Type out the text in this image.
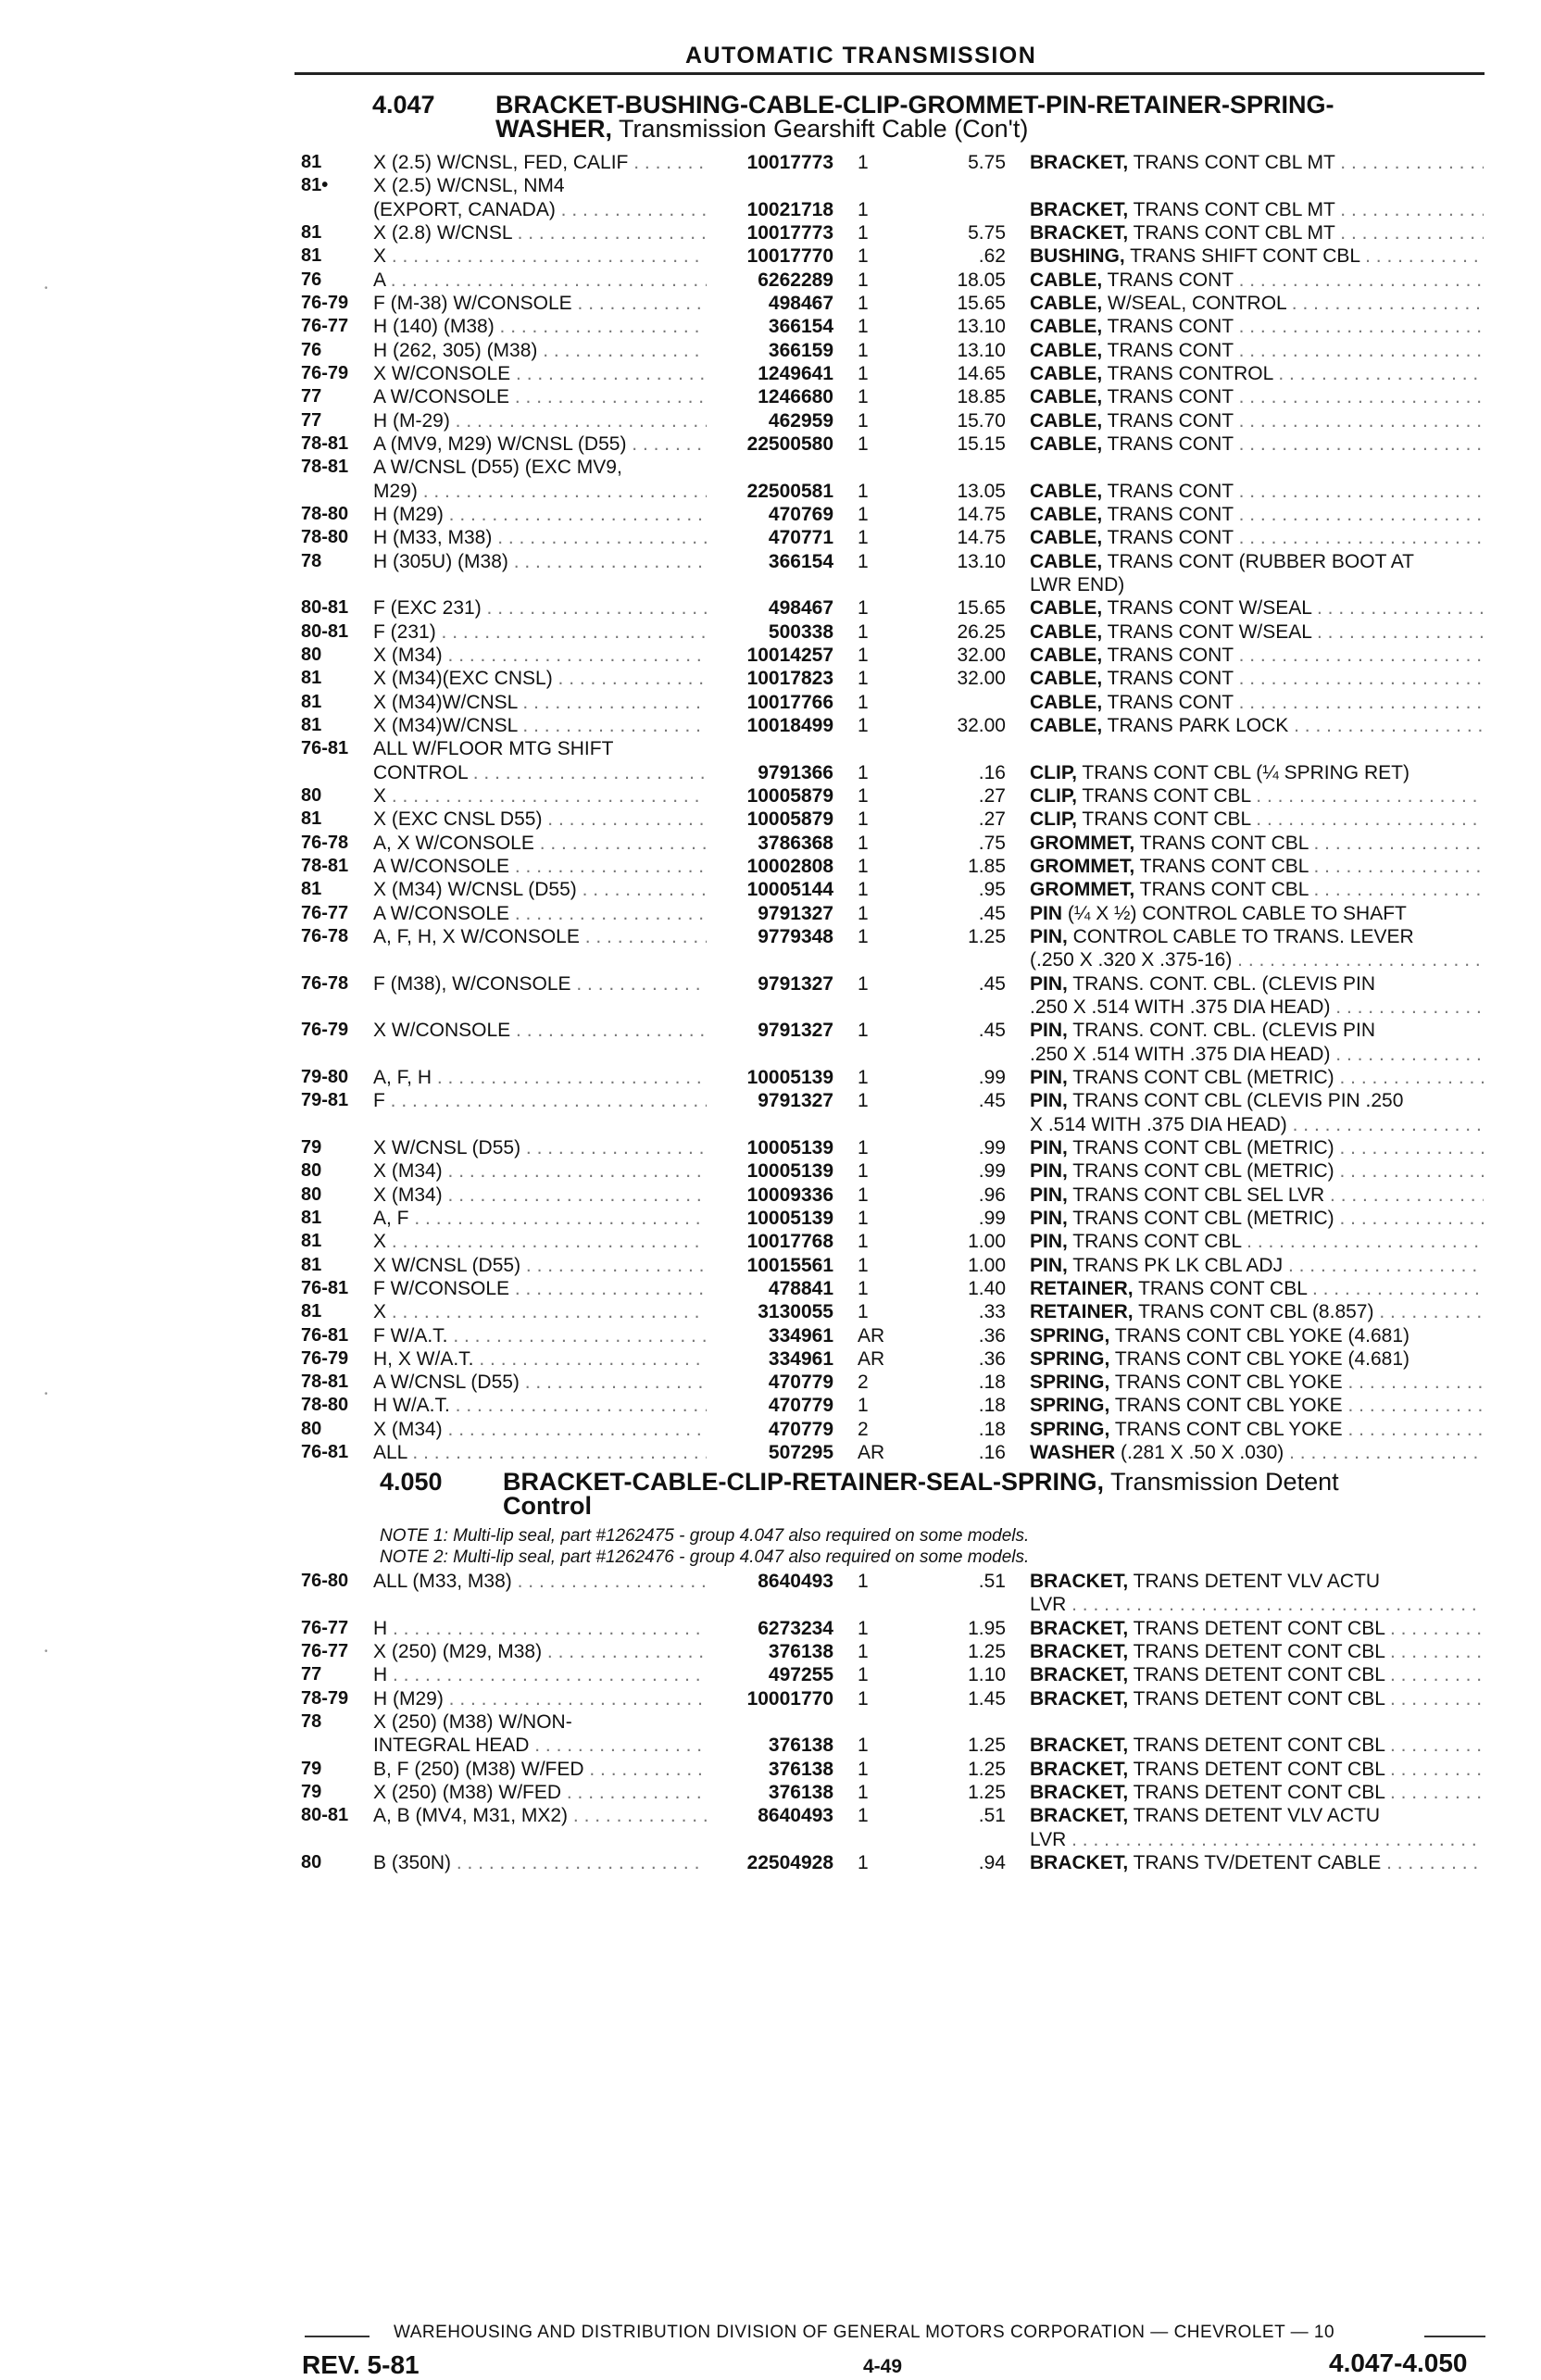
AUTOMATIC TRANSMISSION
4.047 BRACKET-BUSHING-CABLE-CLIP-GROMMET-PIN-RETAINER-SPRING-
WASHER, Transmission Gearshift Cable (Con't)
81	X (2.5) W/CNSL, FED, CALIF . . .	10017773 1	5.75 BRACKET, TRANS CONT CBL MT . . .
81• X (2.5) W/CNSL, NM4
(EXPORT, CANADA) . . .	10021718 1	BRACKET, TRANS CONT CBL MT . . .
81	X (2.8) W/CNSL . . .	10017773 1	5.75 BRACKET, TRANS CONT CBL MT . . .
81	X . . .	10017770 1	.62 BUSHING, TRANS SHIFT CONT CBL . . .
76	A . . .	6262289 1	18.05 CABLE, TRANS CONT . . .
76-79 F (M-38) W/CONSOLE . . .	498467 1	15.65 CABLE, W/SEAL, CONTROL . . .
76-77 H (140) (M38) . . .	366154 1	13.10 CABLE, TRANS CONT . . .
76	H (262, 305) (M38) . . .	366159 1	13.10 CABLE, TRANS CONT . . .
76-79 X W/CONSOLE . . .	1249641 1	14.65 CABLE, TRANS CONTROL . . .
77	A W/CONSOLE . . .	1246680 1	18.85 CABLE, TRANS CONT . . .
77	H (M-29) . . .	462959 1	15.70 CABLE, TRANS CONT . . .
78-81 A (MV9, M29) W/CNSL (D55) . . .	22500580 1	15.15 CABLE, TRANS CONT . . .
78-81 A W/CNSL (D55) (EXC MV9,
M29) . . .	22500581 1	13.05 CABLE, TRANS CONT . . .
78-80 H (M29) . . .	470769 1	14.75 CABLE, TRANS CONT . . .
78-80 H (M33, M38) . . .	470771 1	14.75 CABLE, TRANS CONT . . .
78	H (305U) (M38) . . .	366154 1	13.10 CABLE, TRANS CONT (RUBBER BOOT AT
LWR END)
80-81 F (EXC 231) . . .	498467 1	15.65 CABLE, TRANS CONT W/SEAL . . .
80-81 F (231) . . .	500338 1	26.25 CABLE, TRANS CONT W/SEAL . . .
80	X (M34) . . .	10014257 1	32.00 CABLE, TRANS CONT . . .
81	X (M34)(EXC CNSL) . . .	10017823 1	32.00 CABLE, TRANS CONT . . .
81	X (M34)W/CNSL . . .	10017766 1	CABLE, TRANS CONT . . .
81	X (M34)W/CNSL . . .	10018499 1	32.00 CABLE, TRANS PARK LOCK . . .
76-81 ALL W/FLOOR MTG SHIFT
CONTROL . . .	9791366 1	.16 CLIP, TRANS CONT CBL (¼ SPRING RET)
80	X . . .	10005879 1	.27 CLIP, TRANS CONT CBL . . .
81	X (EXC CNSL D55) . . .	10005879 1	.27 CLIP, TRANS CONT CBL . . .
76-78 A, X W/CONSOLE . . .	3786368 1	.75 GROMMET, TRANS CONT CBL . . .
78-81 A W/CONSOLE . . .	10002808 1	1.85 GROMMET, TRANS CONT CBL . . .
81	X (M34) W/CNSL (D55) . . .	10005144 1	.95 GROMMET, TRANS CONT CBL . . .
76-77 A W/CONSOLE . . .	9791327 1	.45 PIN (¼ X ½) CONTROL CABLE TO SHAFT
76-78 A, F, H, X W/CONSOLE . . .	9779348 1	1.25 PIN, CONTROL CABLE TO TRANS. LEVER
(.250 X .320 X .375-16) . . .
76-78 F (M38), W/CONSOLE . . .	9791327 1	.45 PIN, TRANS. CONT. CBL. (CLEVIS PIN
.250 X .514 WITH .375 DIA HEAD) . . .
76-79 X W/CONSOLE . . .	9791327 1	.45 PIN, TRANS. CONT. CBL. (CLEVIS PIN
.250 X .514 WITH .375 DIA HEAD) . . .
79-80 A, F, H . . .	10005139 1	.99 PIN, TRANS CONT CBL (METRIC) . . .
79-81 F . . .	9791327 1	.45 PIN, TRANS CONT CBL (CLEVIS PIN .250
X .514 WITH .375 DIA HEAD) . . .
79	X W/CNSL (D55) . . .	10005139 1	.99 PIN, TRANS CONT CBL (METRIC) . . .
80	X (M34) . . .	10005139 1	.99 PIN, TRANS CONT CBL (METRIC) . . .
80	X (M34) . . .	10009336 1	.96 PIN, TRANS CONT CBL SEL LVR . . .
81	A, F . . .	10005139 1	.99 PIN, TRANS CONT CBL (METRIC) . . .
81	X . . .	10017768 1	1.00 PIN, TRANS CONT CBL . . .
81	X W/CNSL (D55) . . .	10015561 1	1.00 PIN, TRANS PK LK CBL ADJ . . .
76-81 F W/CONSOLE . . .	478841 1	1.40 RETAINER, TRANS CONT CBL . . .
81	X . . .	3130055 1	.33 RETAINER, TRANS CONT CBL (8.857) . . .
76-81 F W/A.T. . . .	334961 AR	.36 SPRING, TRANS CONT CBL YOKE (4.681)
76-79 H, X W/A.T. . . .	334961 AR	.36 SPRING, TRANS CONT CBL YOKE (4.681)
78-81 A W/CNSL (D55) . . .	470779 2	.18 SPRING, TRANS CONT CBL YOKE . . .
78-80 H W/A.T. . . .	470779 1	.18 SPRING, TRANS CONT CBL YOKE . . .
80	X (M34) . . .	470779 2	.18 SPRING, TRANS CONT CBL YOKE . . .
76-81 ALL . . .	507295 AR	.16 WASHER (.281 X .50 X .030) . . .
4.050 BRACKET-CABLE-CLIP-RETAINER-SEAL-SPRING, Transmission Detent
Control
NOTE 1: Multi-lip seal, part #1262475 - group 4.047 also required on some models.
NOTE 2: Multi-lip seal, part #1262476 - group 4.047 also required on some models.
76-80 ALL (M33, M38) . . .	8640493 1	.51 BRACKET, TRANS DETENT VLV ACTU
LVR . . .
76-77 H . . .	6273234 1	1.95 BRACKET, TRANS DETENT CONT CBL . . .
76-77 X (250) (M29, M38) . . .	376138 1	1.25 BRACKET, TRANS DETENT CONT CBL . . .
77	H . . .	497255 1	1.10 BRACKET, TRANS DETENT CONT CBL . . .
78-79 H (M29) . . .	10001770 1	1.45 BRACKET, TRANS DETENT CONT CBL . . .
78	X (250) (M38) W/NON-
INTEGRAL HEAD . . .	376138 1	1.25 BRACKET, TRANS DETENT CONT CBL . . .
79	B, F (250) (M38) W/FED . . .	376138 1	1.25 BRACKET, TRANS DETENT CONT CBL . . .
79	X (250) (M38) W/FED . . .	376138 1	1.25 BRACKET, TRANS DETENT CONT CBL . . .
80-81 A, B (MV4, M31, MX2) . . .	8640493 1	.51 BRACKET, TRANS DETENT VLV ACTU
LVR . . .
80	B (350N) . . .	22504928 1	.94 BRACKET, TRANS TV/DETENT CABLE . . .
WAREHOUSING AND DISTRIBUTION DIVISION OF GENERAL MOTORS CORPORATION — CHEVROLET — 10
REV. 5-81	4-49	4.047-4.050
•
•
•
